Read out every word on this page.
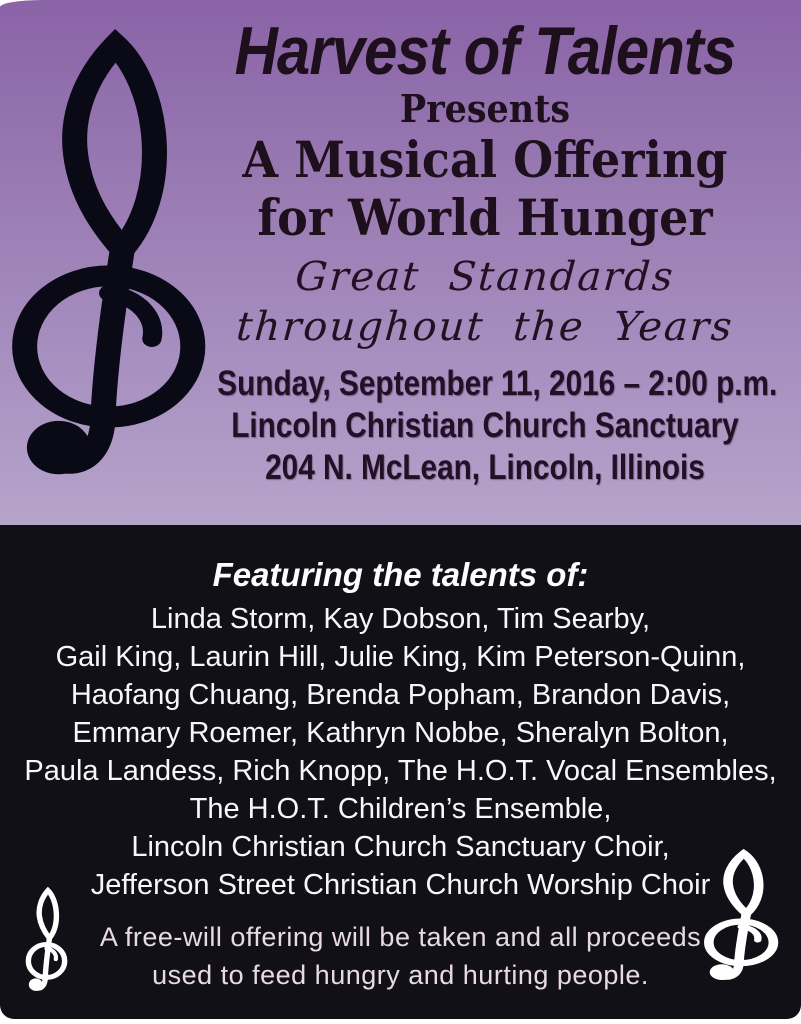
Harvest of Talents
Presents
A Musical Offering
for World Hunger
Great Standards
throughout the Years
Sunday, September 11, 2016 – 2:00 p.m.
Lincoln Christian Church Sanctuary
204 N. McLean, Lincoln, Illinois
Featuring the talents of:
Linda Storm, Kay Dobson, Tim Searby,
Gail King, Laurin Hill, Julie King, Kim Peterson-Quinn,
Haofang Chuang, Brenda Popham, Brandon Davis,
Emmary Roemer, Kathryn Nobbe, Sheralyn Bolton,
Paula Landess, Rich Knopp, The H.O.T. Vocal Ensembles,
The H.O.T. Children’s Ensemble,
Lincoln Christian Church Sanctuary Choir,
Jefferson Street Christian Church Worship Choir
A free-will offering will be taken and all proceeds
used to feed hungry and hurting people.
